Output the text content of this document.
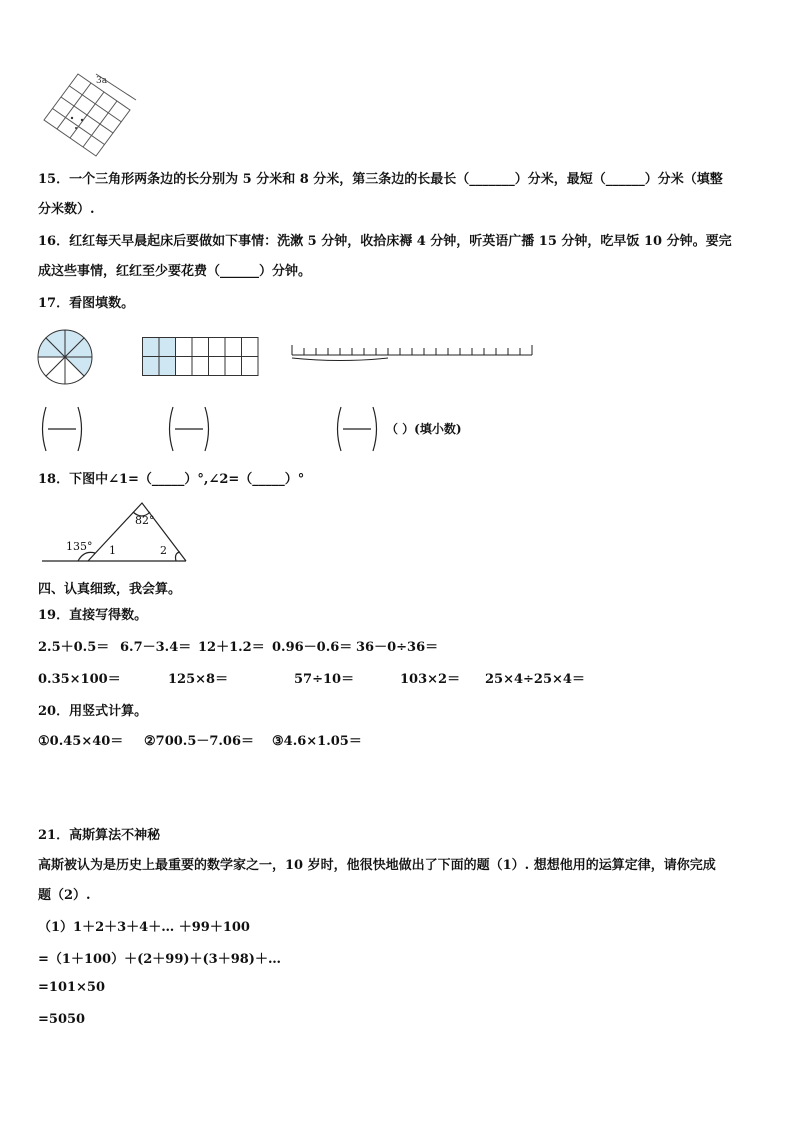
3a
15．一个三角形两条边的长分别为 5 分米和 8 分米，第三条边的长最长（_______）分米，最短（______）分米（填整
分米数）.
16．红红每天早晨起床后要做如下事情：洗漱 5 分钟，收拾床褥 4 分钟，听英语广播 15 分钟，吃早饭 10 分钟。要完
成这些事情，红红至少要花费（______）分钟。
17．看图填数。
（ ）(填小数)
18．下图中∠1=（_____）°,∠2=（_____）°
82°
135° 1	2
四、认真细致，我会算。
19．直接写得数。
2.5＋0.5＝ 6.7－3.4＝ 12＋1.2＝ 0.96－0.6＝ 36－0÷36＝
0.35×100＝	125×8＝	57÷10＝	103×2＝ 25×4÷25×4＝
20．用竖式计算。
①0.45×40＝ ②700.5－7.06＝ ③4.6×1.05＝
21．高斯算法不神秘
高斯被认为是历史上最重要的数学家之一，10 岁时，他很快地做出了下面的题（1）. 想想他用的运算定律，请你完成
题（2）.
（1）1＋2＋3＋4＋… ＋99＋100
=（1＋100）＋(2＋99)＋(3＋98)＋…
=101×50
=5050
